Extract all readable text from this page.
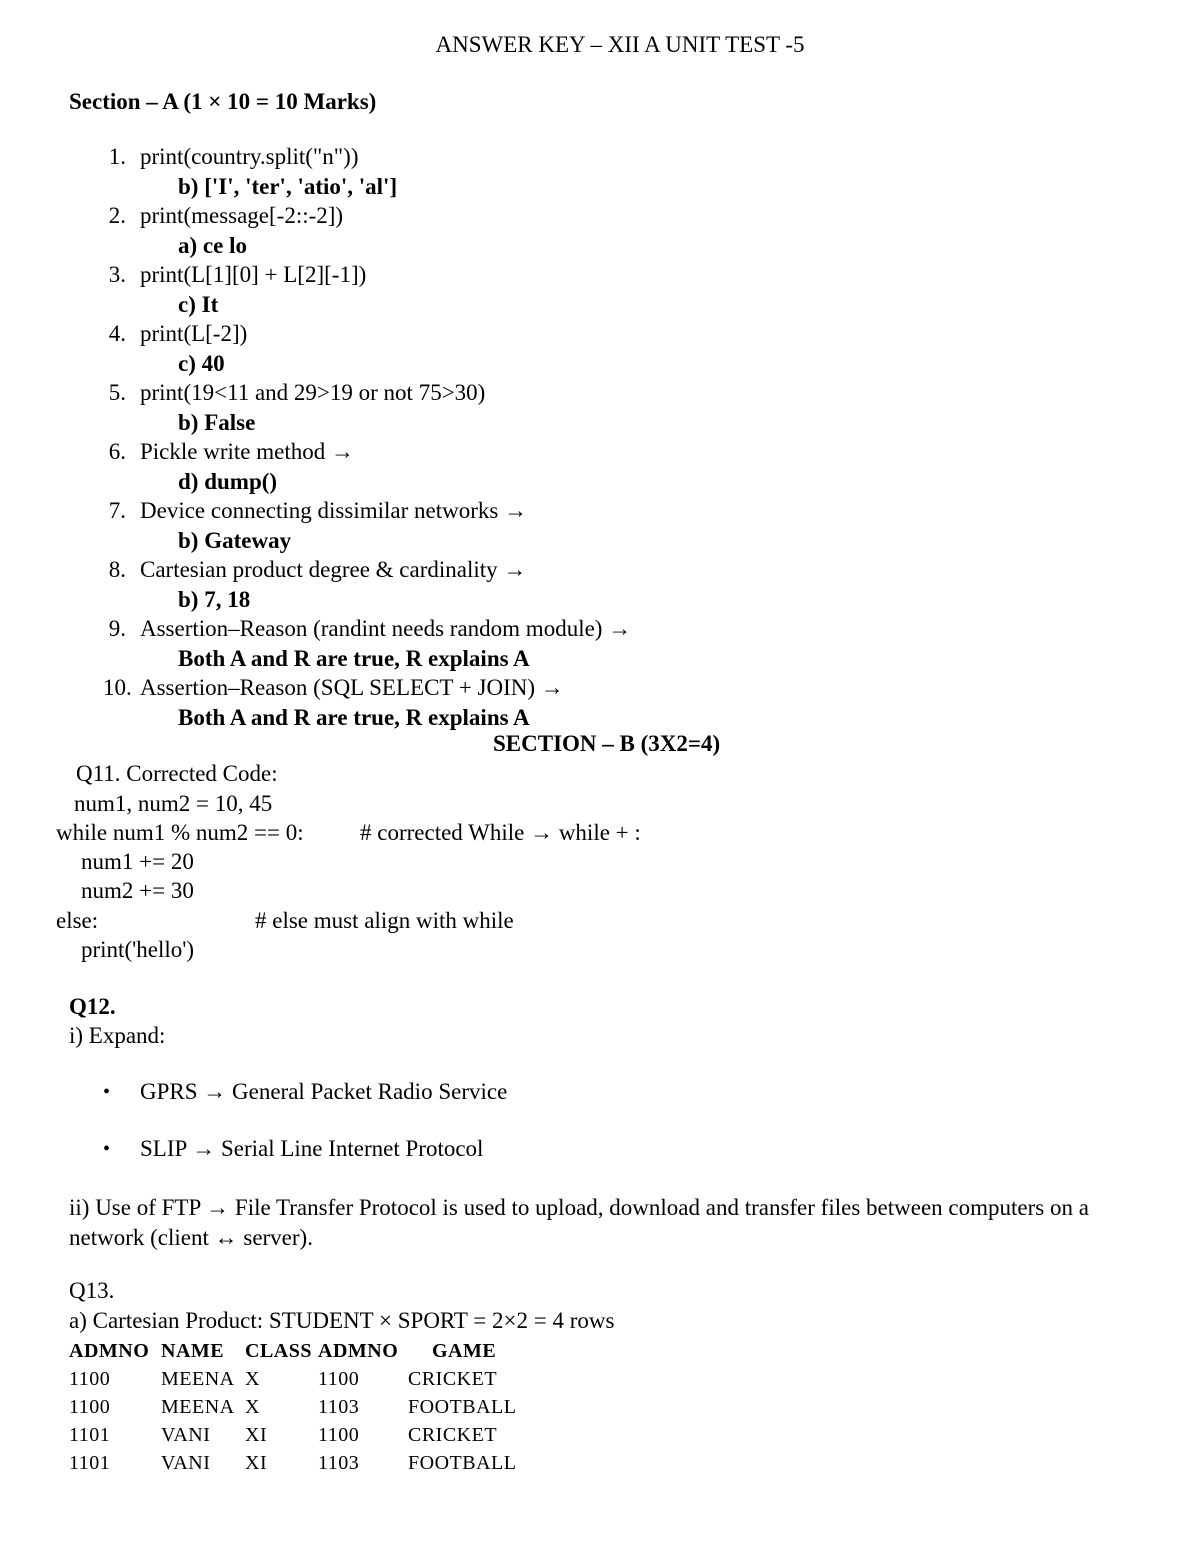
ANSWER KEY – XII A UNIT TEST -5
Section – A (1 × 10 = 10 Marks)
1. print(country.split("n"))
b) ['I', 'ter', 'atio', 'al']
2. print(message[-2::-2])
a) ce lo
3. print(L[1][0] + L[2][-1])
c) It
4. print(L[-2])
c) 40
5. print(19<11 and 29>19 or not 75>30)
b) False
6. Pickle write method →
d) dump()
7. Device connecting dissimilar networks →
b) Gateway
8. Cartesian product degree & cardinality →
b) 7, 18
9. Assertion–Reason (randint needs random module) →
Both A and R are true, R explains A
10. Assertion–Reason (SQL SELECT + JOIN) →
Both A and R are true, R explains A
SECTION – B (3X2=4)
Q11. Corrected Code:
num1, num2 = 10, 45
while num1 % num2 == 0: # corrected While → while + :
num1 += 20
num2 += 30
else:	# else must align with while
print('hello')
Q12.
i) Expand:
• GPRS → General Packet Radio Service
• SLIP → Serial Line Internet Protocol
ii) Use of FTP → File Transfer Protocol is used to upload, download and transfer files between computers on a network (client ↔ server).
Q13.
a) Cartesian Product: STUDENT × SPORT = 2×2 = 4 rows
ADMNO	NAME	CLASS	ADMNO	GAME
1100	MEENA	X	1100	CRICKET
1100	MEENA	X	1103	FOOTBALL
1101	VANI	XI	1100	CRICKET
1101	VANI	XI	1103	FOOTBALL
